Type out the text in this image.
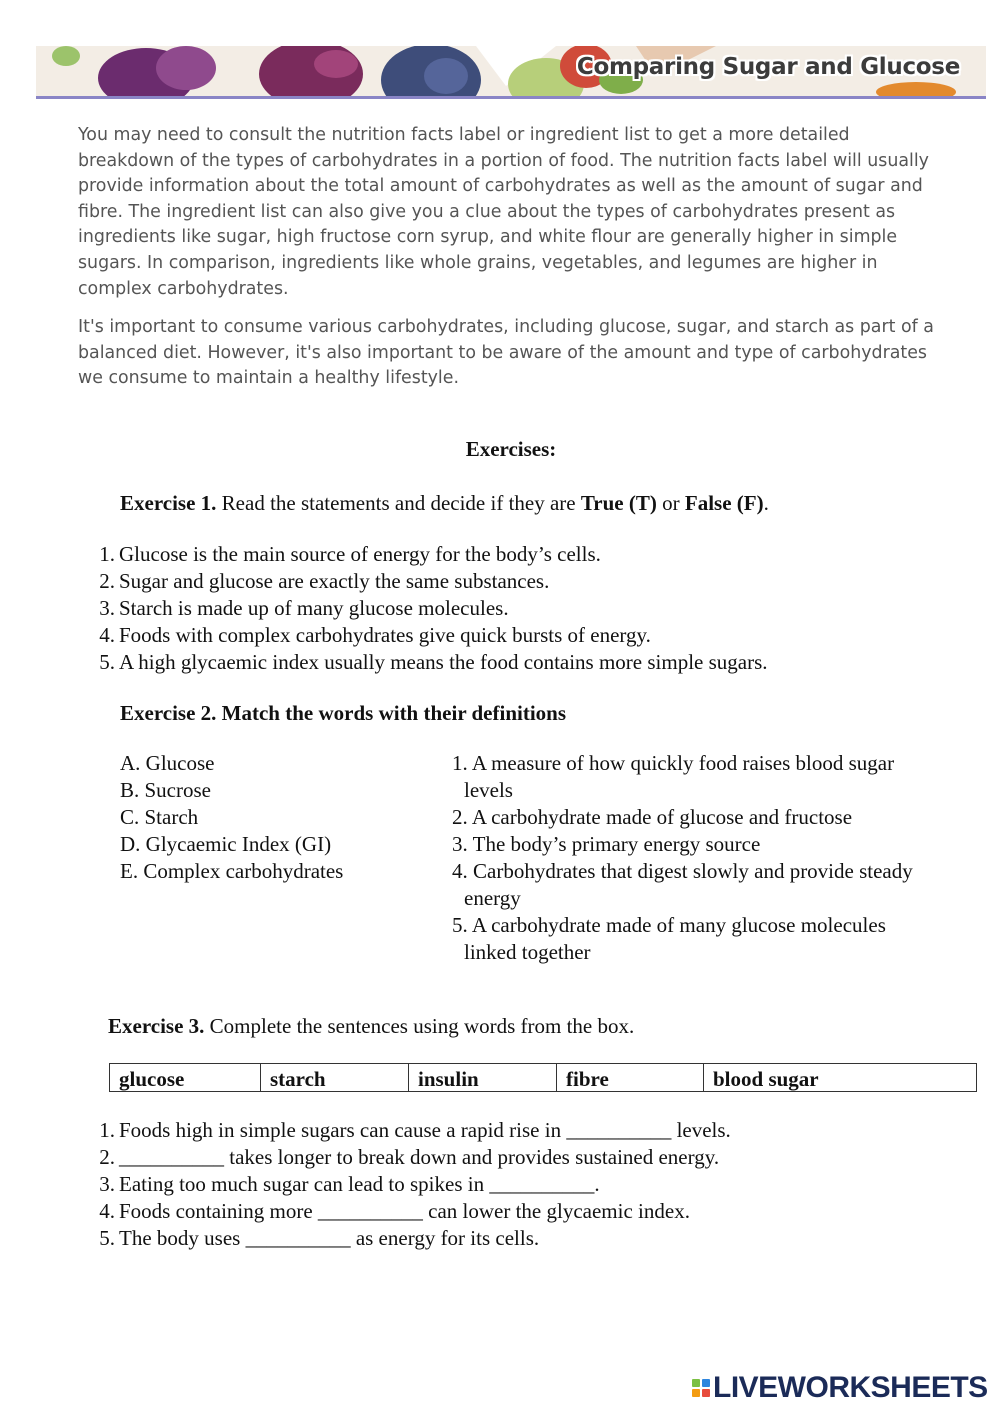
Comparing Sugar and Glucose
You may need to consult the nutrition facts label or ingredient list to get a more detailed breakdown of the types of carbohydrates in a portion of food. The nutrition facts label will usually provide information about the total amount of carbohydrates as well as the amount of sugar and fibre. The ingredient list can also give you a clue about the types of carbohydrates present as ingredients like sugar, high fructose corn syrup, and white flour are generally higher in simple sugars. In comparison, ingredients like whole grains, vegetables, and legumes are higher in complex carbohydrates.
It's important to consume various carbohydrates, including glucose, sugar, and starch as part of a balanced diet. However, it's also important to be aware of the amount and type of carbohydrates we consume to maintain a healthy lifestyle.
Exercises:
Exercise 1. Read the statements and decide if they are True (T) or False (F).
1. Glucose is the main source of energy for the body’s cells.
2. Sugar and glucose are exactly the same substances.
3. Starch is made up of many glucose molecules.
4. Foods with complex carbohydrates give quick bursts of energy.
5. A high glycaemic index usually means the food contains more simple sugars.
Exercise 2. Match the words with their definitions
A. Glucose
B. Sucrose
C. Starch
D. Glycaemic Index (GI)
E. Complex carbohydrates
1. A measure of how quickly food raises blood sugar levels
2. A carbohydrate made of glucose and fructose
3. The body’s primary energy source
4. Carbohydrates that digest slowly and provide steady energy
5. A carbohydrate made of many glucose molecules linked together
Exercise 3. Complete the sentences using words from the box.
glucose	starch	insulin	fibre	blood sugar
1. Foods high in simple sugars can cause a rapid rise in __________ levels.
2. __________ takes longer to break down and provides sustained energy.
3. Eating too much sugar can lead to spikes in __________.
4. Foods containing more __________ can lower the glycaemic index.
5. The body uses __________ as energy for its cells.
LIVEWORKSHEETS
